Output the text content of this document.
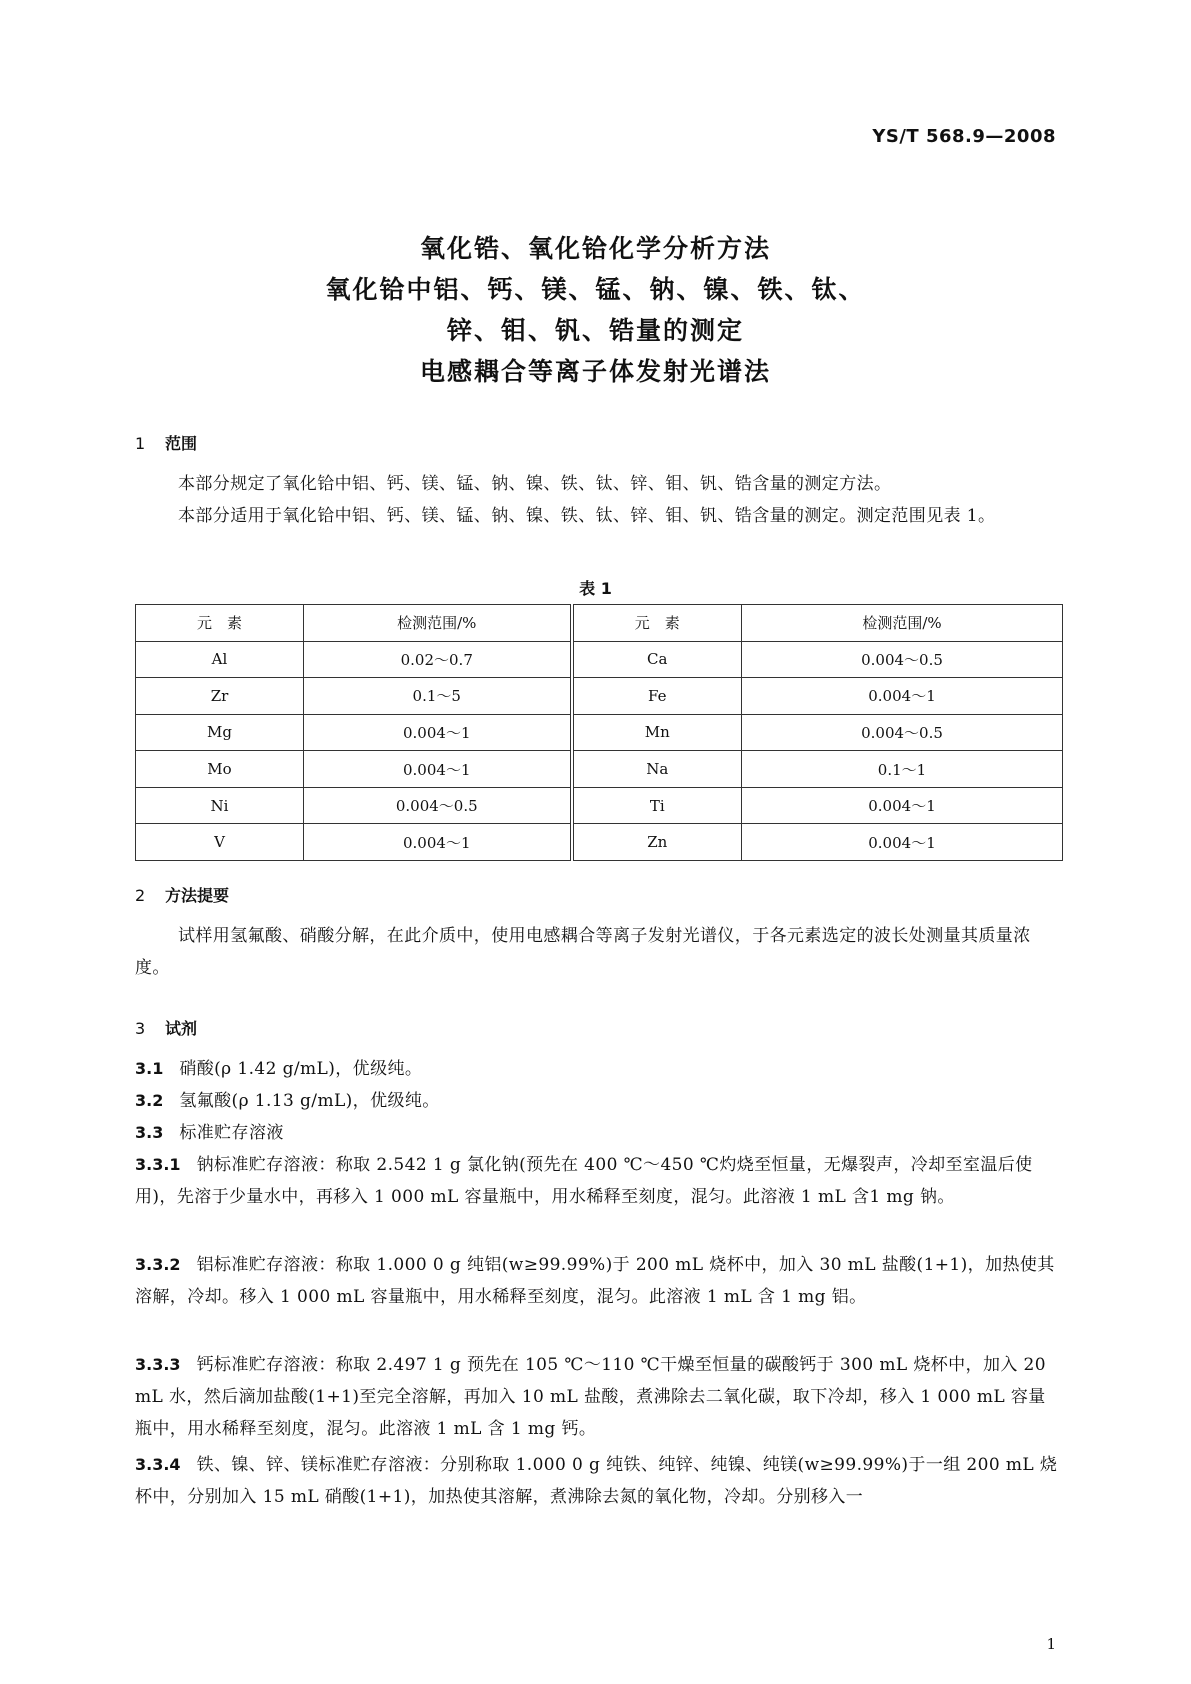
YS/T 568.9—2008
氧化锆、氧化铪化学分析方法
氧化铪中铝、钙、镁、锰、钠、镍、铁、钛、
锌、钼、钒、锆量的测定
电感耦合等离子体发射光谱法
1 范围
本部分规定了氧化铪中铝、钙、镁、锰、钠、镍、铁、钛、锌、钼、钒、锆含量的测定方法。
本部分适用于氧化铪中铝、钙、镁、锰、钠、镍、铁、钛、锌、钼、钒、锆含量的测定。测定范围见表 1。
表 1
元　素	检测范围/%	元　素	检测范围/%
Al	0.02～0.7	Ca	0.004～0.5
Zr	0.1～5	Fe	0.004～1
Mg	0.004～1	Mn	0.004～0.5
Mo	0.004～1	Na	0.1～1
Ni	0.004～0.5	Ti	0.004～1
V	0.004～1	Zn	0.004～1
2 方法提要
试样用氢氟酸、硝酸分解，在此介质中，使用电感耦合等离子发射光谱仪，于各元素选定的波长处测量其质量浓度。
3 试剂
3.1 硝酸(ρ 1.42 g/mL)，优级纯。
3.2 氢氟酸(ρ 1.13 g/mL)，优级纯。
3.3 标准贮存溶液
3.3.1 钠标准贮存溶液：称取 2.542 1 g 氯化钠(预先在 400 ℃～450 ℃灼烧至恒量，无爆裂声，冷却至室温后使用)，先溶于少量水中，再移入 1 000 mL 容量瓶中，用水稀释至刻度，混匀。此溶液 1 mL 含1 mg 钠。
3.3.2 铝标准贮存溶液：称取 1.000 0 g 纯铝(w≥99.99%)于 200 mL 烧杯中，加入 30 mL 盐酸(1+1)，加热使其溶解，冷却。移入 1 000 mL 容量瓶中，用水稀释至刻度，混匀。此溶液 1 mL 含 1 mg 铝。
3.3.3 钙标准贮存溶液：称取 2.497 1 g 预先在 105 ℃～110 ℃干燥至恒量的碳酸钙于 300 mL 烧杯中，加入 20 mL 水，然后滴加盐酸(1+1)至完全溶解，再加入 10 mL 盐酸，煮沸除去二氧化碳，取下冷却，移入 1 000 mL 容量瓶中，用水稀释至刻度，混匀。此溶液 1 mL 含 1 mg 钙。
3.3.4 铁、镍、锌、镁标准贮存溶液：分别称取 1.000 0 g 纯铁、纯锌、纯镍、纯镁(w≥99.99%)于一组 200 mL 烧杯中，分别加入 15 mL 硝酸(1+1)，加热使其溶解，煮沸除去氮的氧化物，冷却。分别移入一
1
